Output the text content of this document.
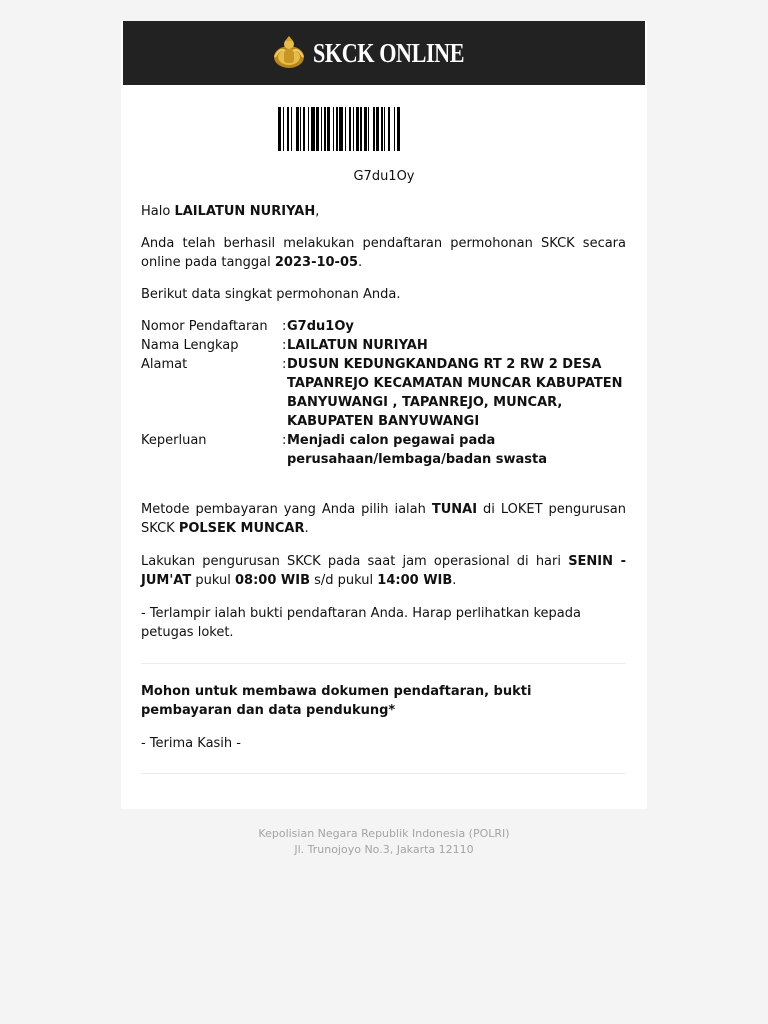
SKCK ONLINE
G7du1Oy

Halo LAILATUN NURIYAH,

Anda telah berhasil melakukan pendaftaran permohonan SKCK secara online pada tanggal 2023-10-05.

Berikut data singkat permohonan Anda.

Nomor Pendaftaran	: G7du1Oy
Nama Lengkap	: LAILATUN NURIYAH
Alamat	: DUSUN KEDUNGKANDANG RT 2 RW 2 DESA TAPANREJO KECAMATAN MUNCAR KABUPATEN BANYUWANGI , TAPANREJO, MUNCAR, KABUPATEN BANYUWANGI
Keperluan	: Menjadi calon pegawai pada perusahaan/lembaga/badan swasta

Metode pembayaran yang Anda pilih ialah TUNAI di LOKET pengurusan SKCK POLSEK MUNCAR.

Lakukan pengurusan SKCK pada saat jam operasional di hari SENIN - JUM'AT pukul 08:00 WIB s/d pukul 14:00 WIB.

- Terlampir ialah bukti pendaftaran Anda. Harap perlihatkan kepada petugas loket.

Mohon untuk membawa dokumen pendaftaran, bukti pembayaran dan data pendukung*

- Terima Kasih -

Kepolisian Negara Republik Indonesia (POLRI)
Jl. Trunojoyo No.3, Jakarta 12110
